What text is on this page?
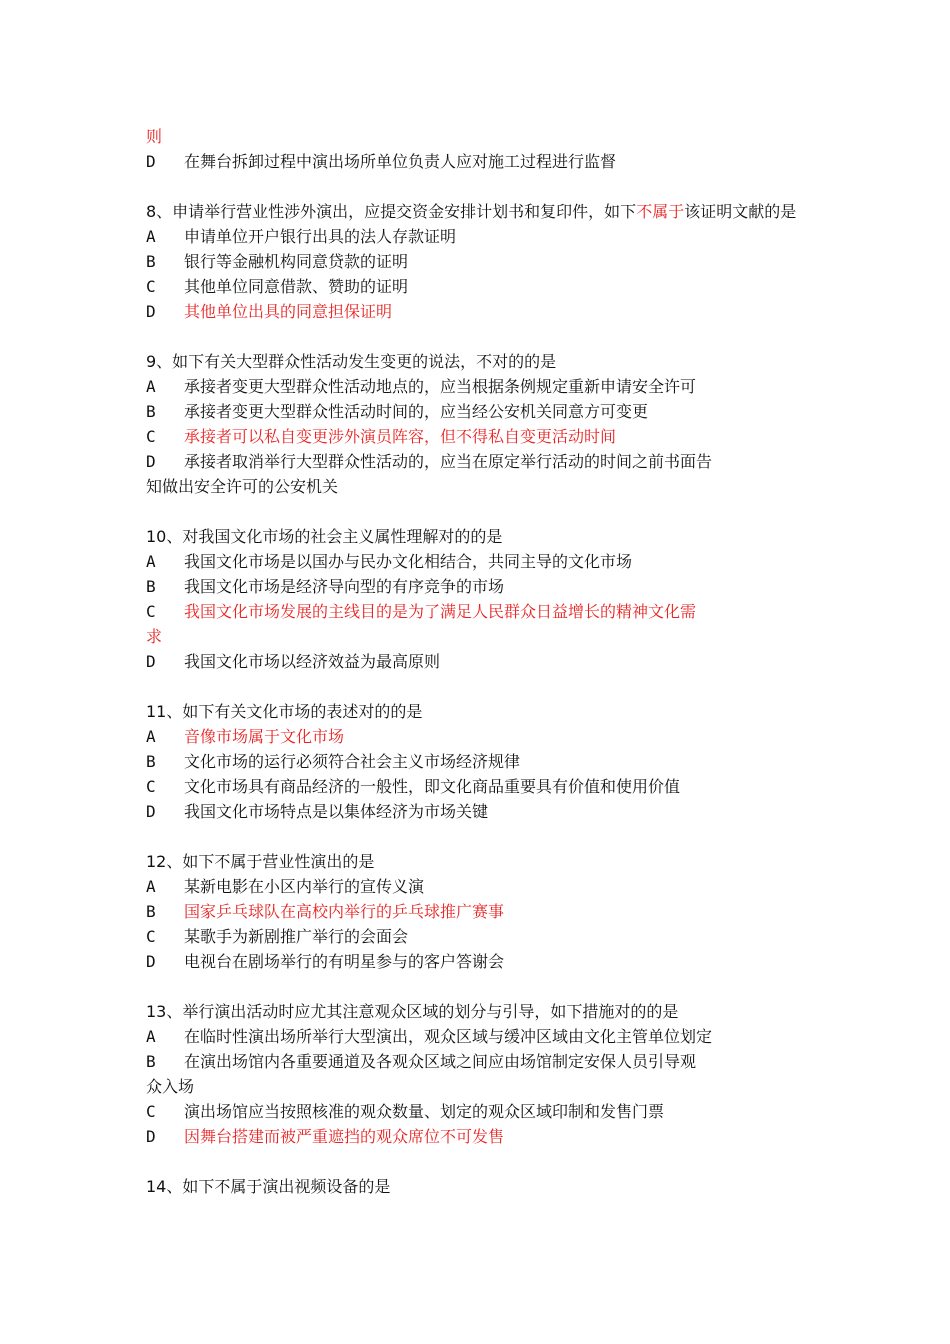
则
D 在舞台拆卸过程中演出场所单位负责人应对施工过程进行监督
8、申请举行营业性涉外演出，应提交资金安排计划书和复印件，如下不属于该证明文献的是
A 申请单位开户银行出具的法人存款证明
B 银行等金融机构同意贷款的证明
C 其他单位同意借款、赞助的证明
D 其他单位出具的同意担保证明
9、如下有关大型群众性活动发生变更的说法，不对的的是
A 承接者变更大型群众性活动地点的，应当根据条例规定重新申请安全许可
B 承接者变更大型群众性活动时间的，应当经公安机关同意方可变更
C 承接者可以私自变更涉外演员阵容，但不得私自变更活动时间
D 承接者取消举行大型群众性活动的，应当在原定举行活动的时间之前书面告
知做出安全许可的公安机关
10、对我国文化市场的社会主义属性理解对的的是
A 我国文化市场是以国办与民办文化相结合，共同主导的文化市场
B 我国文化市场是经济导向型的有序竞争的市场
C 我国文化市场发展的主线目的是为了满足人民群众日益增长的精神文化需
求
D 我国文化市场以经济效益为最高原则
11、如下有关文化市场的表述对的的是
A 音像市场属于文化市场
B 文化市场的运行必须符合社会主义市场经济规律
C 文化市场具有商品经济的一般性，即文化商品重要具有价值和使用价值
D 我国文化市场特点是以集体经济为市场关键
12、如下不属于营业性演出的是
A 某新电影在小区内举行的宣传义演
B 国家乒乓球队在高校内举行的乒乓球推广赛事
C 某歌手为新剧推广举行的会面会
D 电视台在剧场举行的有明星参与的客户答谢会
13、举行演出活动时应尤其注意观众区域的划分与引导，如下措施对的的是
A 在临时性演出场所举行大型演出，观众区域与缓冲区域由文化主管单位划定
B 在演出场馆内各重要通道及各观众区域之间应由场馆制定安保人员引导观
众入场
C 演出场馆应当按照核准的观众数量、划定的观众区域印制和发售门票
D 因舞台搭建而被严重遮挡的观众席位不可发售
14、如下不属于演出视频设备的是
